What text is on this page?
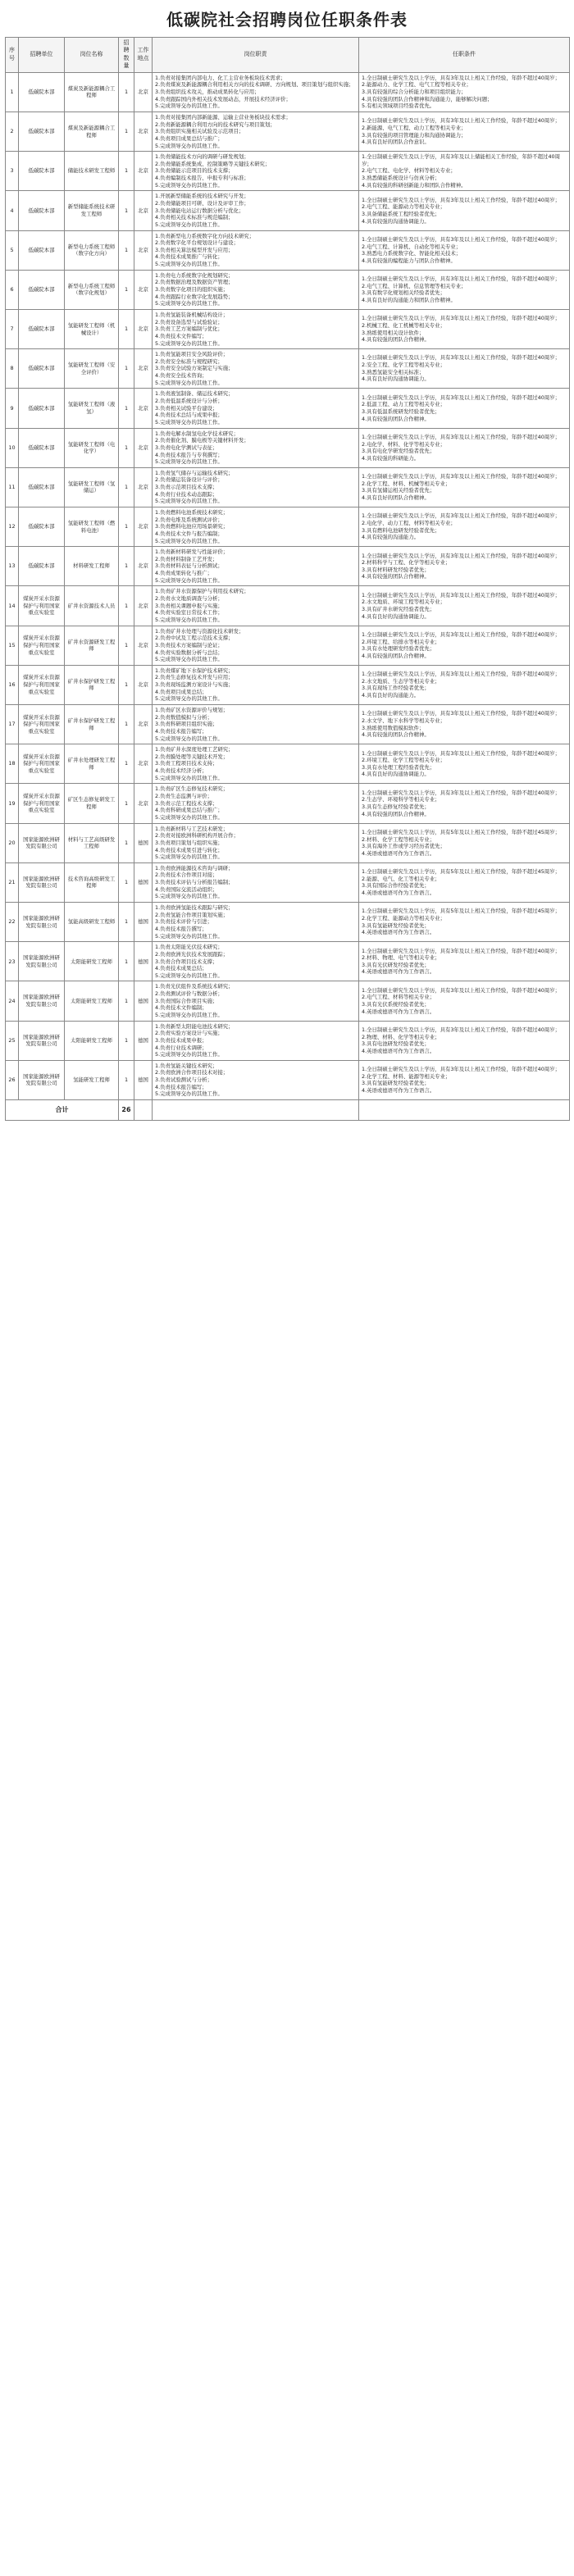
低碳院社会招聘岗位任职条件表
序号	招聘单位	岗位名称	招聘数量	工作地点	岗位职责	任职条件
1	低碳院本部	煤炭及新能源耦合工程师	1	北京	1.负责对接集团内部电力、化工主营业务板块技术需求；
2.负责煤炭及新能源耦合利用相关方向的技术调研、方向规划、项目策划与组织实施；
3.负责组织技术攻关，推动成果转化与应用；
4.负责跟踪国内外相关技术发展动态，开展技术经济评价；
5.完成领导交办的其他工作。	1.全日制硕士研究生及以上学历，具有3年及以上相关工作经验，年龄不超过40周岁；
2.能源动力、化学工程、电气工程等相关专业；
3.具有较强的综合分析能力和项目组织能力；
4.具有较强的团队合作精神和沟通能力，能够解决问题；
5.有相关领域项目经验者优先。

2	低碳院本部	煤炭及新能源耦合工程师	1	北京	1.负责对接集团内部新能源、运输主营业务板块技术需求；
2.负责新能源耦合利用方向的技术研究与项目策划；
3.负责组织实施相关试验及示范项目；
4.负责项目成果总结与推广；
5.完成领导交办的其他工作。	1.全日制硕士研究生及以上学历，具有3年及以上相关工作经验，年龄不超过40周岁；
2.新能源、电气工程、动力工程等相关专业；
3.具有较强的项目管理能力和沟通协调能力；
4.具有良好的团队合作意识。

3	低碳院本部	储能技术研发工程师	1	北京	1.负责储能技术方向的调研与研发规划；
2.负责储能系统集成、控制策略等关键技术研究；
3.负责储能示范项目的技术支撑；
4.负责编制技术报告、申报专利与标准；
5.完成领导交办的其他工作。	1.全日制硕士研究生及以上学历，具有3年及以上储能相关工作经验，年龄不超过40周岁；
2.电气工程、电化学、材料等相关专业；
3.熟悉储能系统设计与仿真分析；
4.具有较强的科研创新能力和团队合作精神。

4	低碳院本部	新型储能系统技术研发工程师	1	北京	1.开展新型储能系统的技术研究与开发；
2.负责储能项目可研、设计及评审工作；
3.负责储能电站运行数据分析与优化；
4.负责相关技术标准与规范编制；
5.完成领导交办的其他工作。	1.全日制硕士研究生及以上学历，具有3年及以上相关工作经验，年龄不超过40周岁；
2.电气工程、能源动力等相关专业；
3.具备储能系统工程经验者优先；
4.具有较强的沟通协调能力。

5	低碳院本部	新型电力系统工程师（数字化方向）	1	北京	1.负责新型电力系统数字化方向技术研究；
2.负责数字化平台规划设计与建设；
3.负责相关算法模型开发与应用；
4.负责技术成果推广与转化；
5.完成领导交办的其他工作。	1.全日制硕士研究生及以上学历，具有3年及以上相关工作经验，年龄不超过40周岁；
2.电气工程、计算机、自动化等相关专业；
3.熟悉电力系统数字化、智能化相关技术；
4.具有较强的编程能力与团队合作精神。

6	低碳院本部	新型电力系统工程师（数字化规划）	1	北京	1.负责电力系统数字化规划研究；
2.负责数据治理及数据资产管理；
3.负责数字化项目的组织实施；
4.负责跟踪行业数字化发展趋势；
5.完成领导交办的其他工作。	1.全日制硕士研究生及以上学历，具有3年及以上相关工作经验，年龄不超过40周岁；
2.电气工程、计算机、信息管理等相关专业；
3.具有数字化规划相关经验者优先；
4.具有良好的沟通能力和团队合作精神。

7	低碳院本部	氢能研发工程师（机械设计）	1	北京	1.负责氢能装备机械结构设计；
2.负责设备选型与试验验证；
3.负责工艺方案编制与优化；
4.负责技术文件编写；
5.完成领导交办的其他工作。	1.全日制硕士研究生及以上学历，具有3年及以上相关工作经验，年龄不超过40周岁；
2.机械工程、化工机械等相关专业；
3.熟练使用相关设计软件；
4.具有较强的团队合作精神。

8	低碳院本部	氢能研发工程师（安全评价）	1	北京	1.负责氢能项目安全风险评价；
2.负责安全标准与规程研究；
3.负责安全试验方案制定与实施；
4.负责安全技术咨询；
5.完成领导交办的其他工作。	1.全日制硕士研究生及以上学历，具有3年及以上相关工作经验，年龄不超过40周岁；
2.安全工程、化学工程等相关专业；
3.熟悉氢能安全相关标准；
4.具有良好的沟通协调能力。

9	低碳院本部	氢能研发工程师（液氢）	1	北京	1.负责液氢制备、储运技术研究；
2.负责低温系统设计与分析；
3.负责相关试验平台建设；
4.负责技术总结与成果申报；
5.完成领导交办的其他工作。	1.全日制硕士研究生及以上学历，具有3年及以上相关工作经验，年龄不超过40周岁；
2.低温工程、动力工程等相关专业；
3.具有低温系统研发经验者优先；
4.具有较强的团队合作精神。

10	低碳院本部	氢能研发工程师（电化学）	1	北京	1.负责电解水制氢电化学技术研究；
2.负责催化剂、膜电极等关键材料开发；
3.负责电化学测试与表征；
4.负责技术报告与专利撰写；
5.完成领导交办的其他工作。	1.全日制硕士研究生及以上学历，具有3年及以上相关工作经验，年龄不超过40周岁；
2.电化学、材料、化学等相关专业；
3.具有电化学研发经验者优先；
4.具有较强的科研能力。

11	低碳院本部	氢能研发工程师（氢储运）	1	北京	1.负责氢气储存与运输技术研究；
2.负责储运装备设计与评价；
3.负责示范项目技术支撑；
4.负责行业技术动态跟踪；
5.完成领导交办的其他工作。	1.全日制硕士研究生及以上学历，具有3年及以上相关工作经验，年龄不超过40周岁；
2.化学工程、材料、机械等相关专业；
3.具有氢储运相关经验者优先；
4.具有良好的团队合作精神。

12	低碳院本部	氢能研发工程师（燃料电池）	1	北京	1.负责燃料电池系统技术研究；
2.负责电堆及系统测试评价；
3.负责燃料电池应用场景研究；
4.负责技术文件与报告编制；
5.完成领导交办的其他工作。	1.全日制硕士研究生及以上学历，具有3年及以上相关工作经验，年龄不超过40周岁；
2.电化学、动力工程、材料等相关专业；
3.具有燃料电池研发经验者优先；
4.具有较强的沟通能力。

13	低碳院本部	材料研发工程师	1	北京	1.负责新材料研发与性能评价；
2.负责材料制备工艺开发；
3.负责材料表征与分析测试；
4.负责成果转化与推广；
5.完成领导交办的其他工作。	1.全日制硕士研究生及以上学历，具有3年及以上相关工作经验，年龄不超过40周岁；
2.材料科学与工程、化学等相关专业；
3.具有材料研发经验者优先；
4.具有较强的团队合作精神。

14	煤炭开采水资源保护与利用国家重点实验室	矿井水资源技术人员	1	北京	1.负责矿井水资源保护与利用技术研究；
2.负责水文地质调查与分析；
3.负责相关课题申报与实施；
4.负责实验室日常技术工作；
5.完成领导交办的其他工作。	1.全日制硕士研究生及以上学历，具有3年及以上相关工作经验，年龄不超过40周岁；
2.水文地质、环境工程等相关专业；
3.具有矿井水研究经验者优先；
4.具有良好的沟通协调能力。

15	煤炭开采水资源保护与利用国家重点实验室	矿井水资源研发工程师	1	北京	1.负责矿井水处理与资源化技术研发；
2.负责中试及工程示范技术支撑；
3.负责技术方案编制与论证；
4.负责实验数据分析与总结；
5.完成领导交办的其他工作。	1.全日制硕士研究生及以上学历，具有3年及以上相关工作经验，年龄不超过40周岁；
2.环境工程、给排水等相关专业；
3.具有水处理研发经验者优先；
4.具有较强的团队合作精神。

16	煤炭开采水资源保护与利用国家重点实验室	矿井水保护研发工程师	1	北京	1.负责煤矿地下水保护技术研究；
2.负责生态修复技术开发与应用；
3.负责现场监测方案设计与实施；
4.负责项目成果总结；
5.完成领导交办的其他工作。	1.全日制硕士研究生及以上学历，具有3年及以上相关工作经验，年龄不超过40周岁；
2.水文地质、生态学等相关专业；
3.具有现场工作经验者优先；
4.具有良好的沟通能力。

17	煤炭开采水资源保护与利用国家重点实验室	矿井水保护研发工程师	1	北京	1.负责矿区水资源评价与规划；
2.负责数值模拟与分析；
3.负责科研项目组织实施；
4.负责技术报告编写；
5.完成领导交办的其他工作。	1.全日制硕士研究生及以上学历，具有3年及以上相关工作经验，年龄不超过40周岁；
2.水文学、地下水科学等相关专业；
3.熟练使用数值模拟软件；
4.具有较强的团队合作精神。

18	煤炭开采水资源保护与利用国家重点实验室	矿井水处理研发工程师	1	北京	1.负责矿井水深度处理工艺研究；
2.负责膜处理等关键技术开发；
3.负责工程项目技术支持；
4.负责技术经济分析；
5.完成领导交办的其他工作。	1.全日制硕士研究生及以上学历，具有3年及以上相关工作经验，年龄不超过40周岁；
2.环境工程、化学工程等相关专业；
3.具有水处理工程经验者优先；
4.具有良好的沟通协调能力。

19	煤炭开采水资源保护与利用国家重点实验室	矿区生态修复研发工程师	1	北京	1.负责矿区生态修复技术研究；
2.负责生态监测与评价；
3.负责示范工程技术支撑；
4.负责科研成果总结与推广；
5.完成领导交办的其他工作。	1.全日制硕士研究生及以上学历，具有3年及以上相关工作经验，年龄不超过40周岁；
2.生态学、环境科学等相关专业；
3.具有生态修复经验者优先；
4.具有较强的团队合作精神。

20	国家能源欧洲研发院有限公司	材料与工艺高级研发工程师	1	德国	1.负责新材料与工艺技术研发；
2.负责对接欧洲科研机构开展合作；
3.负责项目策划与组织实施；
4.负责技术成果引进与转化；
5.完成领导交办的其他工作。	1.全日制硕士研究生及以上学历，具有5年及以上相关工作经验，年龄不超过45周岁；
2.材料、化学工程等相关专业；
3.具有海外工作或学习经历者优先；
4.英语或德语可作为工作语言。

21	国家能源欧洲研发院有限公司	技术咨询高级研发工程师	1	德国	1.负责欧洲能源技术咨询与调研；
2.负责技术合作项目对接；
3.负责技术评估与分析报告编制；
4.负责国际交流活动组织；
5.完成领导交办的其他工作。	1.全日制硕士研究生及以上学历，具有5年及以上相关工作经验，年龄不超过45周岁；
2.能源、电气、化工等相关专业；
3.具有国际合作经验者优先；
4.英语或德语可作为工作语言。

22	国家能源欧洲研发院有限公司	氢能高级研发工程师	1	德国	1.负责欧洲氢能技术跟踪与研究；
2.负责氢能合作项目策划实施；
3.负责技术评价与引进；
4.负责技术报告撰写；
5.完成领导交办的其他工作。	1.全日制硕士研究生及以上学历，具有5年及以上相关工作经验，年龄不超过45周岁；
2.化学工程、能源动力等相关专业；
3.具有氢能研发经验者优先；
4.英语或德语可作为工作语言。

23	国家能源欧洲研发院有限公司	太阳能研发工程师	1	德国	1.负责太阳能光伏技术研究；
2.负责欧洲光伏技术发展跟踪；
3.负责合作项目技术支撑；
4.负责技术成果总结；
5.完成领导交办的其他工作。	1.全日制硕士研究生及以上学历，具有3年及以上相关工作经验，年龄不超过40周岁；
2.材料、物理、电气等相关专业；
3.具有光伏研发经验者优先；
4.英语或德语可作为工作语言。

24	国家能源欧洲研发院有限公司	太阳能研发工程师	1	德国	1.负责光伏组件及系统技术研究；
2.负责测试评价与数据分析；
3.负责国际合作项目实施；
4.负责技术文件编制；
5.完成领导交办的其他工作。	1.全日制硕士研究生及以上学历，具有3年及以上相关工作经验，年龄不超过40周岁；
2.电气工程、材料等相关专业；
3.具有光伏系统经验者优先；
4.英语或德语可作为工作语言。

25	国家能源欧洲研发院有限公司	太阳能研发工程师	1	德国	1.负责新型太阳能电池技术研究；
2.负责实验方案设计与实施；
3.负责技术成果申报；
4.负责行业技术调研；
5.完成领导交办的其他工作。	1.全日制硕士研究生及以上学历，具有3年及以上相关工作经验，年龄不超过40周岁；
2.物理、材料、化学等相关专业；
3.具有电池研发经验者优先；
4.英语或德语可作为工作语言。

26	国家能源欧洲研发院有限公司	氢能研发工程师	1	德国	1.负责氢能关键技术研究；
2.负责欧洲合作项目技术对接；
3.负责试验测试与分析；
4.负责技术报告编写；
5.完成领导交办的其他工作。	1.全日制硕士研究生及以上学历，具有3年及以上相关工作经验，年龄不超过40周岁；
2.化学工程、材料、能源等相关专业；
3.具有氢能研发经验者优先；
4.英语或德语可作为工作语言。

合计			26			
